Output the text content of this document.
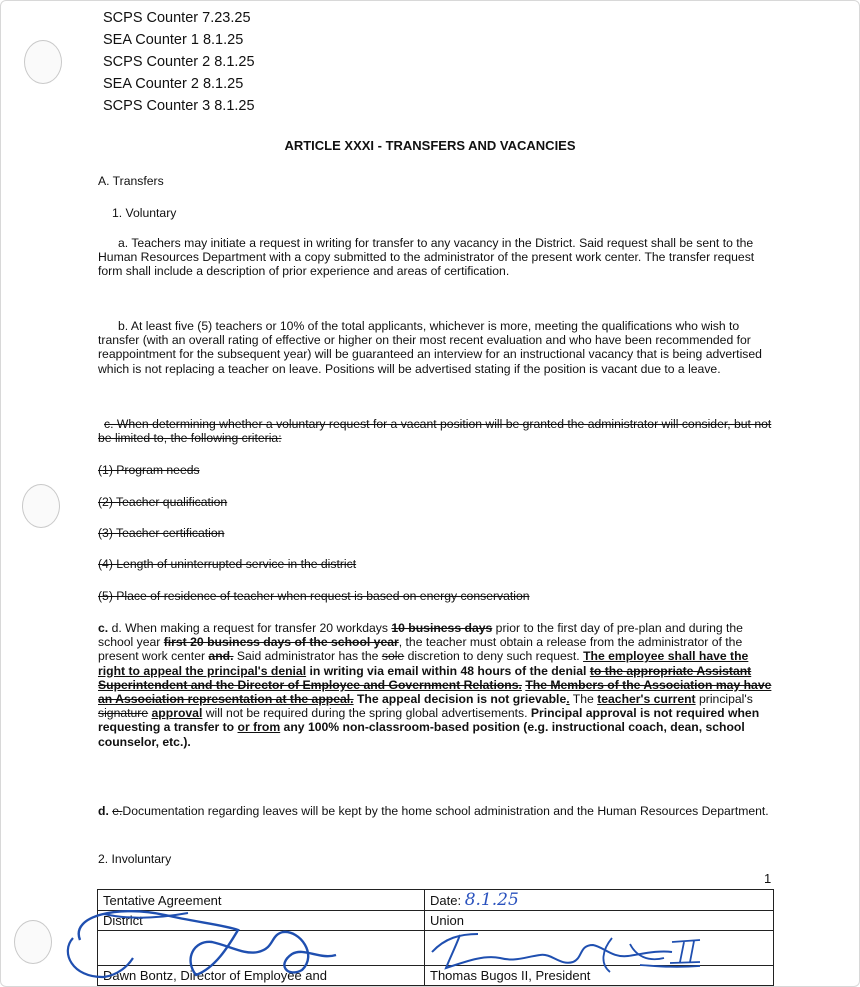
SCPS Counter 7.23.25
SEA Counter 1 8.1.25
SCPS Counter 2 8.1.25
SEA Counter 2 8.1.25
SCPS Counter 3 8.1.25
ARTICLE XXXI - TRANSFERS AND VACANCIES
A. Transfers
1. Voluntary
a. Teachers may initiate a request in writing for transfer to any vacancy in the District. Said request shall be sent to the Human Resources Department with a copy submitted to the administrator of the present work center. The transfer request form shall include a description of prior experience and areas of certification.
b. At least five (5) teachers or 10% of the total applicants, whichever is more, meeting the qualifications who wish to transfer (with an overall rating of effective or higher on their most recent evaluation and who have been recommended for reappointment for the subsequent year) will be guaranteed an interview for an instructional vacancy that is being advertised which is not replacing a teacher on leave. Positions will be advertised stating if the position is vacant due to a leave.
c. When determining whether a voluntary request for a vacant position will be granted the administrator will consider, but not be limited to, the following criteria:
(1) Program needs
(2) Teacher qualification
(3) Teacher certification
(4) Length of uninterrupted service in the district
(5) Place of residence of teacher when request is based on energy conservation
c. d. When making a request for transfer 20 workdays 10 business days prior to the first day of pre-plan and during the school year first 20 business days of the school year, the teacher must obtain a release from the administrator of the present work center and. Said administrator has the sole discretion to deny such request. The employee shall have the right to appeal the principal's denial in writing via email within 48 hours of the denial to the appropriate Assistant Superintendent and the Director of Employee and Government Relations. The Members of the Association may have an Association representation at the appeal. The appeal decision is not grievable. The teacher's current principal's signature approval will not be required during the spring global advertisements. Principal approval is not required when requesting a transfer to or from any 100% non-classroom-based position (e.g. instructional coach, dean, school counselor, etc.).
d. e.Documentation regarding leaves will be kept by the home school administration and the Human Resources Department.
2. Involuntary
1
Tentative Agreement	Date: 8.1.25
District	Union

Dawn Bontz, Director of Employee and	Thomas Bugos II, President
